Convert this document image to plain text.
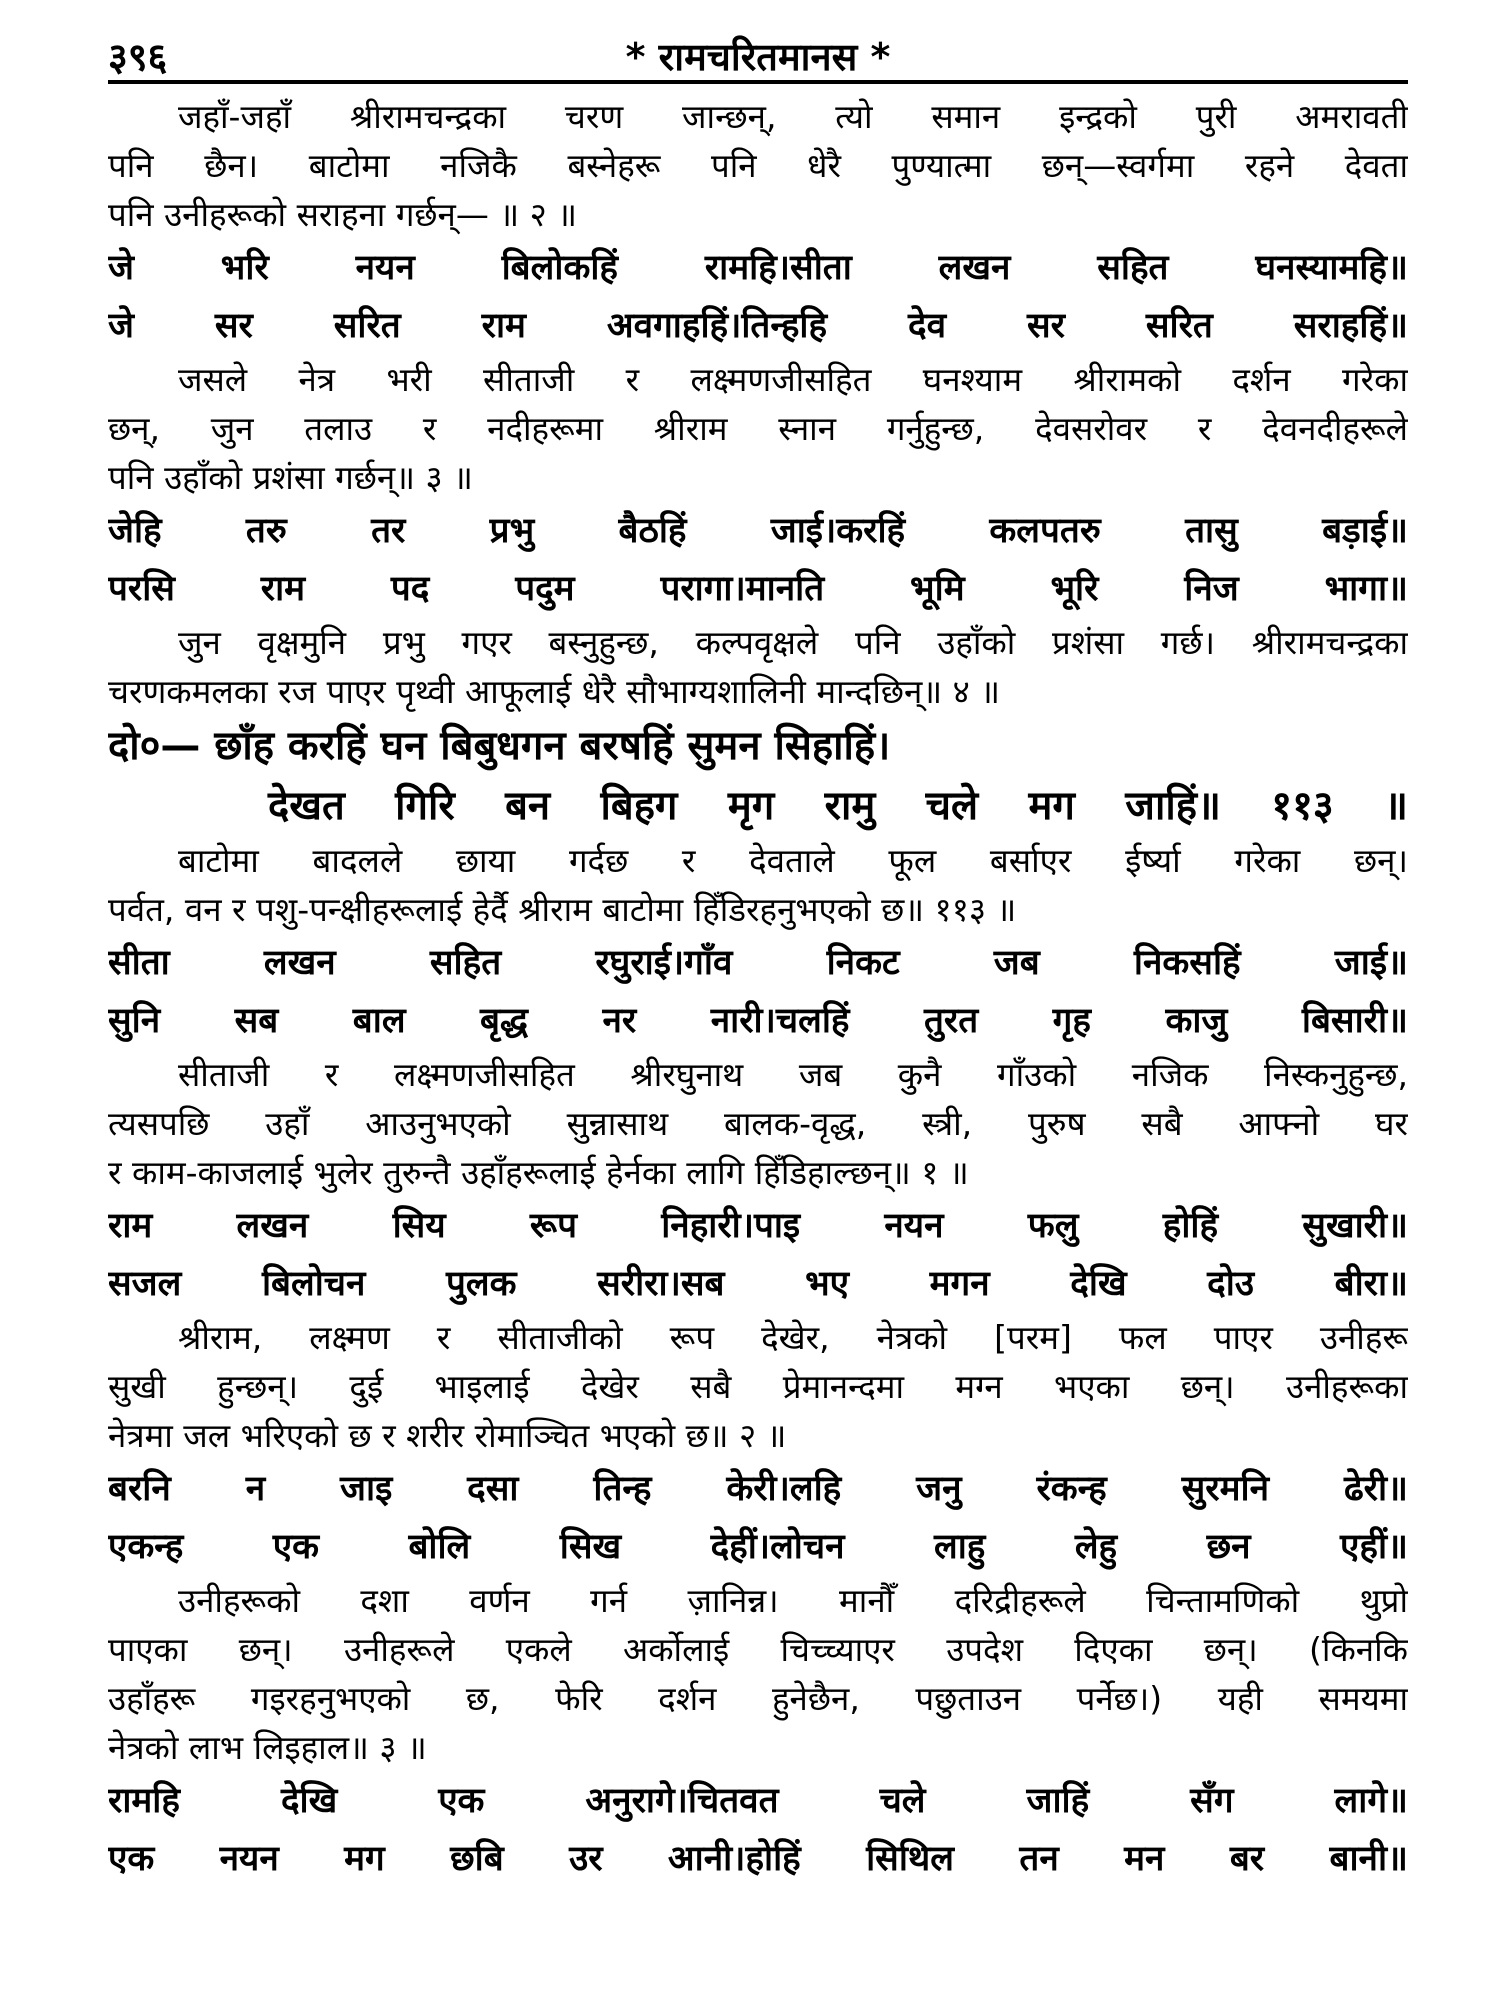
३९६	* रामचरितमानस *
जहाँ-जहाँ श्रीरामचन्द्रका चरण जान्छन्, त्यो समान इन्द्रको पुरी अमरावती
पनि छैन। बाटोमा नजिकै बस्नेहरू पनि धेरै पुण्यात्मा छन्—स्वर्गमा रहने देवता
पनि उनीहरूको सराहना गर्छन्— ॥ २ ॥
जे भरि नयन बिलोकहिं रामहि।सीता लखन सहित घनस्यामहि॥
जे सर सरित राम अवगाहहिं।तिन्हहि देव सर सरित सराहहिं॥
जसले नेत्र भरी सीताजी र लक्ष्मणजीसहित घनश्याम श्रीरामको दर्शन गरेका
छन्, जुन तलाउ र नदीहरूमा श्रीराम स्नान गर्नुहुन्छ, देवसरोवर र देवनदीहरूले
पनि उहाँको प्रशंसा गर्छन्॥ ३ ॥
जेहि तरु तर प्रभु बैठहिं जाई।करहिं कलपतरु तासु बड़ाई॥
परसि राम पद पदुम परागा।मानति भूमि भूरि निज भागा॥
जुन वृक्षमुनि प्रभु गएर बस्नुहुन्छ, कल्पवृक्षले पनि उहाँको प्रशंसा गर्छ। श्रीरामचन्द्रका
चरणकमलका रज पाएर पृथ्वी आफूलाई धेरै सौभाग्यशालिनी मान्दछिन्॥ ४ ॥
दो०— छाँह करहिं घन बिबुधगन बरषहिं सुमन सिहाहिं।
देखत गिरि बन बिहग मृग रामु चले मग जाहिं॥ ११३ ॥
बाटोमा बादलले छाया गर्दछ र देवताले फूल बर्साएर ईर्ष्या गरेका छन्।
पर्वत, वन र पशु-पन्क्षीहरूलाई हेर्दै श्रीराम बाटोमा हिँडिरहनुभएको छ॥ ११३ ॥
सीता लखन सहित रघुराई।गाँव निकट जब निकसहिं जाई॥
सुनि सब बाल बृद्ध नर नारी।चलहिं तुरत गृह काजु बिसारी॥
सीताजी र लक्ष्मणजीसहित श्रीरघुनाथ जब कुनै गाँउको नजिक निस्कनुहुन्छ,
त्यसपछि उहाँ आउनुभएको सुन्नासाथ बालक-वृद्ध, स्त्री, पुरुष सबै आफ्नो घर
र काम-काजलाई भुलेर तुरुन्तै उहाँहरूलाई हेर्नका लागि हिँडिहाल्छन्॥ १ ॥
राम लखन सिय रूप निहारी।पाइ नयन फलु होहिं सुखारी॥
सजल बिलोचन पुलक सरीरा।सब भए मगन देखि दोउ बीरा॥
श्रीराम, लक्ष्मण र सीताजीको रूप देखेर, नेत्रको [परम] फल पाएर उनीहरू
सुखी हुन्छन्। दुई भाइलाई देखेर सबै प्रेमानन्दमा मग्न भएका छन्। उनीहरूका
नेत्रमा जल भरिएको छ र शरीर रोमाञ्चित भएको छ॥ २ ॥
बरनि न जाइ दसा तिन्ह केरी।लहि जनु रंकन्ह सुरमनि ढेरी॥
एकन्ह एक बोलि सिख देहीं।लोचन लाहु लेहु छन एहीं॥
उनीहरूको दशा वर्णन गर्न ज़ानिन्न। मानौँ दरिद्रीहरूले चिन्तामणिको थुप्रो
पाएका छन्। उनीहरूले एकले अर्कोलाई चिच्च्याएर उपदेश दिएका छन्। (किनकि
उहाँहरू गइरहनुभएको छ, फेरि दर्शन हुनेछैन, पछुताउन पर्नेछ।) यही समयमा
नेत्रको लाभ लिइहाल॥ ३ ॥
रामहि देखि एक अनुरागे।चितवत चले जाहिं सँग लागे॥
एक नयन मग छबि उर आनी।होहिं सिथिल तन मन बर बानी॥
